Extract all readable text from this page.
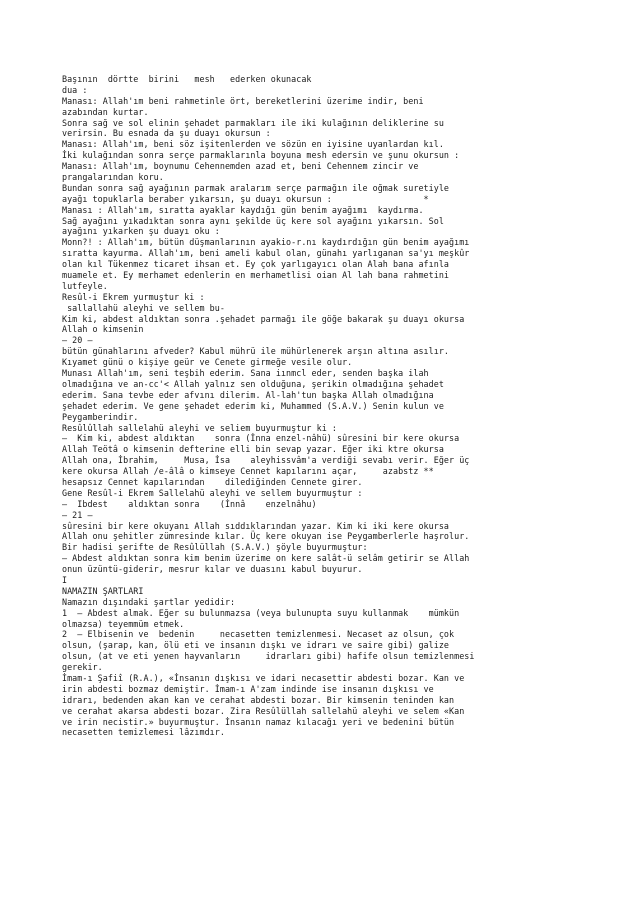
Başının  dörtte  birini   mesh   ederken okunacak
dua :
Manası: Allah'ım beni rahmetinle ört, bereketlerini üzerime indir, beni
azabından kurtar.
Sonra sağ ve sol elinin şehadet parmakları ile iki kulağının deliklerine su
verirsin. Bu esnada da şu duayı okursun :
Manası: Allah'ım, beni söz işitenlerden ve sözün en iyisine uyanlardan kıl.
İki kulağından sonra serçe parmaklarınla boyuna mesh edersin ve şunu okursun :
Manası: Allah'ım, boynumu Cehennemden azad et, beni Cehennem zincir ve
prangalarından koru.
Bundan sonra sağ ayağının parmak aralarım serçe parmağın ile oğmak suretiyle
ayağı topuklarla beraber yıkarsın, şu duayı okursun :                  *
Manası : Allah'ım, sıratta ayaklar kaydığı gün benim ayağımı  kaydırma.
Sağ ayağını yıkadıktan sonra aynı şekilde üç kere sol ayağını yıkarsın. Sol
ayağını yıkarken şu duayı oku :
Monn?! : Allah'ım, bütün düşmanlarının ayakio-r.nı kaydırdığın gün benim ayağımı
sıratta kayurma. Allah'ım, beni ameli kabul olan, günahı yarlıganan sa'yı meşkûr
olan kıl Tükenmez ticaret ihsan et. Ey çok yarlıgayıcı olan Alah bana afınla
muamele et. Ey merhamet edenlerin en merhametlisi oian Al lah bana rahmetini
lutfeyle.
Resûl-i Ekrem yurmuştur ki :
sallallahü aleyhi ve sellem bu-
Kim ki, abdest aldıktan sonra .şehadet parmağı ile göğe bakarak şu duayı okursa
Allah o kimsenin
— 20 —
bütün günahlarını afveder? Kabul mührü ile mühürlenerek arşın altına asılır.
Kıyamet günü o kişiye geür ve Cenete girmeğe vesile olur.
Munası Allah'ım, seni teşbih ederim. Sana iınmcl eder, senden başka ilah
olmadığına ve an-cc'< Allah yalnız sen olduğuna, şerikin olmadığına şehadet
ederim. Sana tevbe eder afvını dilerim. Al-lah'tun başka Allah olmadığına
şehadet ederim. Ve gene şehadet ederim ki, Muhammed (S.A.V.) Senin kulun ve
Peygamberindir.
Resûlûllah sallelahü aleyhi ve seliem buyurmuştur ki :
—  Kim ki, abdest aldıktan    sonra (İnna enzel-nâhü) sûresini bir kere okursa
Allah Teötâ o kimsenin defterine elli bin sevap yazar. Eğer iki ktre okursa
Allah ona, İbrahim,     Musa, İsa    aleyhissvâm'a verdiği sevabı verir. Eğer üç
kere okursa Allah /e-âlâ o kimseye Cennet kapılarını açar,     azabstz **
hesapsız Cennet kapılarından    dilediğinden Cennete girer.
Gene Resûl-i Ekrem Sallelahü aleyhi ve sellem buyurmuştur :
—  Ibdest    aldıktan sonra    (İnnâ    enzelnâhu)
— 21 —
sûresini bir kere okuyanı Allah sıddıklarından yazar. Kim ki iki kere okursa
Allah onu şehitler zümresinde kılar. Üç kere okuyan ise Peygamberlerle haşrolur.
Bir hadisi şerifte de Resûlüllah (S.A.V.) şöyle buyurmuştur:
— Abdest aldıktan sonra kim benim üzerime on kere salât-ü selâm getirir se Allah
onun üzüntü-giderir, mesrur kılar ve duasını kabul buyurur.
I
NAMAZIN ŞARTLARI
Namazın dışındaki şartlar yedidir:
1  — Abdest almak. Eğer su bulunmazsa (veya bulunupta suyu kullanmak    mümkün
olmazsa) teyemmüm etmek.
2  — Elbisenin ve  bedenin     necasetten temizlenmesi. Necaset az olsun, çok
olsun, (şarap, kan, ölü eti ve insanın dışkı ve idrarı ve saire gibi) galize
olsun, (at ve eti yenen hayvanların     idrarları gibi) hafife olsun temizlenmesi
gerekir.
İmam-ı Şafiî (R.A.), «İnsanın dışkısı ve idari necasettir abdesti bozar. Kan ve
irin abdesti bozmaz demiştir. İmam-ı A'zam indinde ise insanın dışkısı ve
idrarı, bedenden akan kan ve cerahat abdesti bozar. Bir kimsenin teninden kan
ve cerahat akarsa abdesti bozar. Zira Resûlüllah sallelahü aleyhi ve selem «Kan
ve irin necistir.» buyurmuştur. İnsanın namaz kılacağı yeri ve bedenini bütün
necasetten temizlemesi lâzımdır.
